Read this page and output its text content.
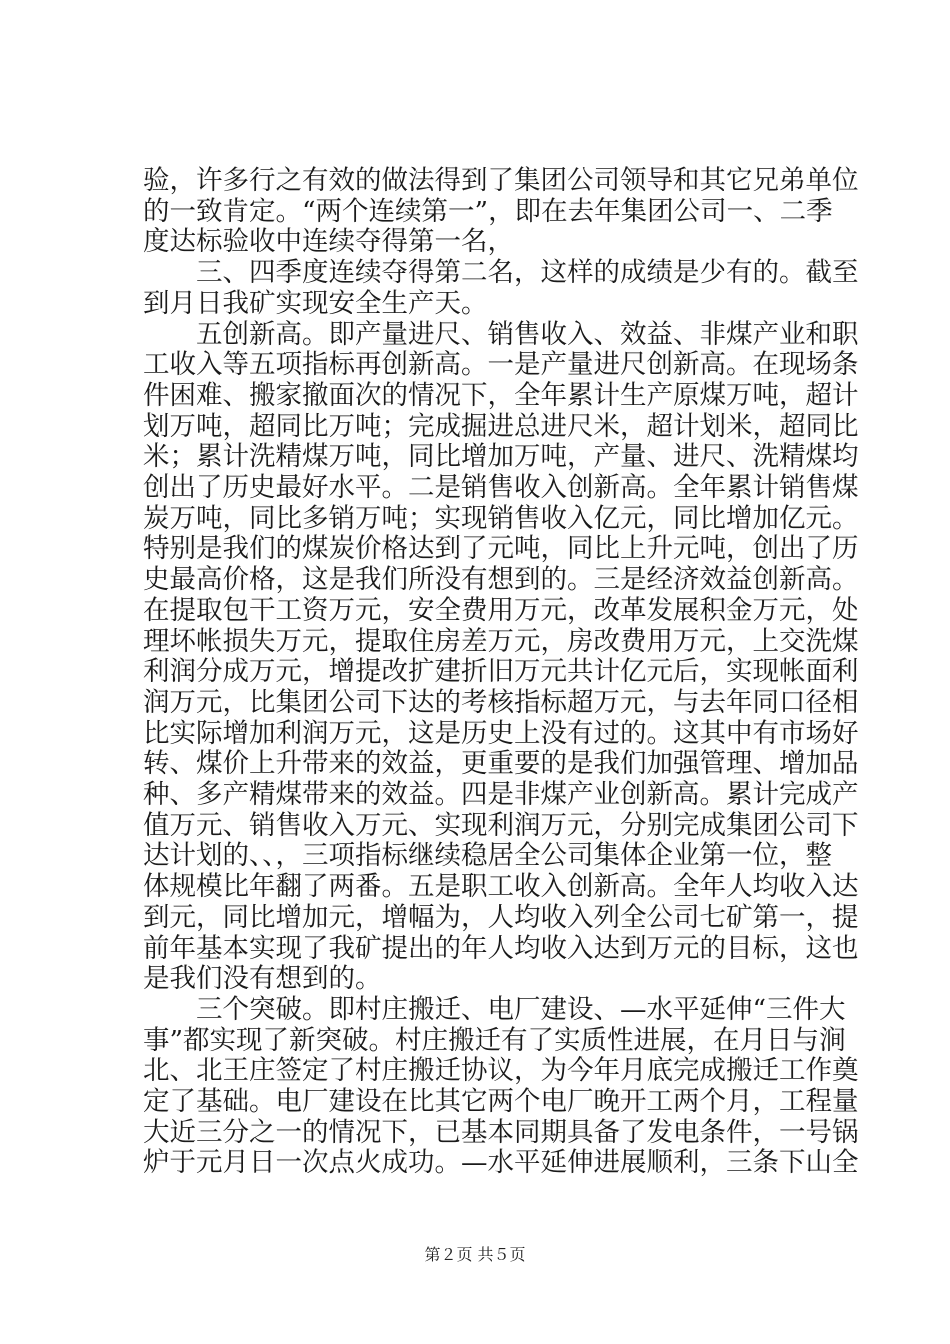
验，许多行之有效的做法得到了集团公司领导和其它兄弟单位
的一致肯定。“两个连续第一”，即在去年集团公司一、二季
度达标验收中连续夺得第一名，
　　三、四季度连续夺得第二名，这样的成绩是少有的。截至
到月日我矿实现安全生产天。
　　五创新高。即产量进尺、销售收入、效益、非煤产业和职
工收入等五项指标再创新高。一是产量进尺创新高。在现场条
件困难、搬家撤面次的情况下，全年累计生产原煤万吨，超计
划万吨，超同比万吨；完成掘进总进尺米，超计划米，超同比
米；累计洗精煤万吨，同比增加万吨，产量、进尺、洗精煤均
创出了历史最好水平。二是销售收入创新高。全年累计销售煤
炭万吨，同比多销万吨；实现销售收入亿元，同比增加亿元。
特别是我们的煤炭价格达到了元吨，同比上升元吨，创出了历
史最高价格，这是我们所没有想到的。三是经济效益创新高。
在提取包干工资万元，安全费用万元，改革发展积金万元，处
理坏帐损失万元，提取住房差万元，房改费用万元，上交洗煤
利润分成万元，增提改扩建折旧万元共计亿元后，实现帐面利
润万元，比集团公司下达的考核指标超万元，与去年同口径相
比实际增加利润万元，这是历史上没有过的。这其中有市场好
转、煤价上升带来的效益，更重要的是我们加强管理、增加品
种、多产精煤带来的效益。四是非煤产业创新高。累计完成产
值万元、销售收入万元、实现利润万元，分别完成集团公司下
达计划的、、，三项指标继续稳居全公司集体企业第一位，整
体规模比年翻了两番。五是职工收入创新高。全年人均收入达
到元，同比增加元，增幅为，人均收入列全公司七矿第一，提
前年基本实现了我矿提出的年人均收入达到万元的目标，这也
是我们没有想到的。
　　三个突破。即村庄搬迁、电厂建设、—水平延伸“三件大
事”都实现了新突破。村庄搬迁有了实质性进展，在月日与涧
北、北王庄签定了村庄搬迁协议，为今年月底完成搬迁工作奠
定了基础。电厂建设在比其它两个电厂晚开工两个月，工程量
大近三分之一的情况下，已基本同期具备了发电条件，一号锅
炉于元月日一次点火成功。—水平延伸进展顺利，三条下山全
第２页 共５页
